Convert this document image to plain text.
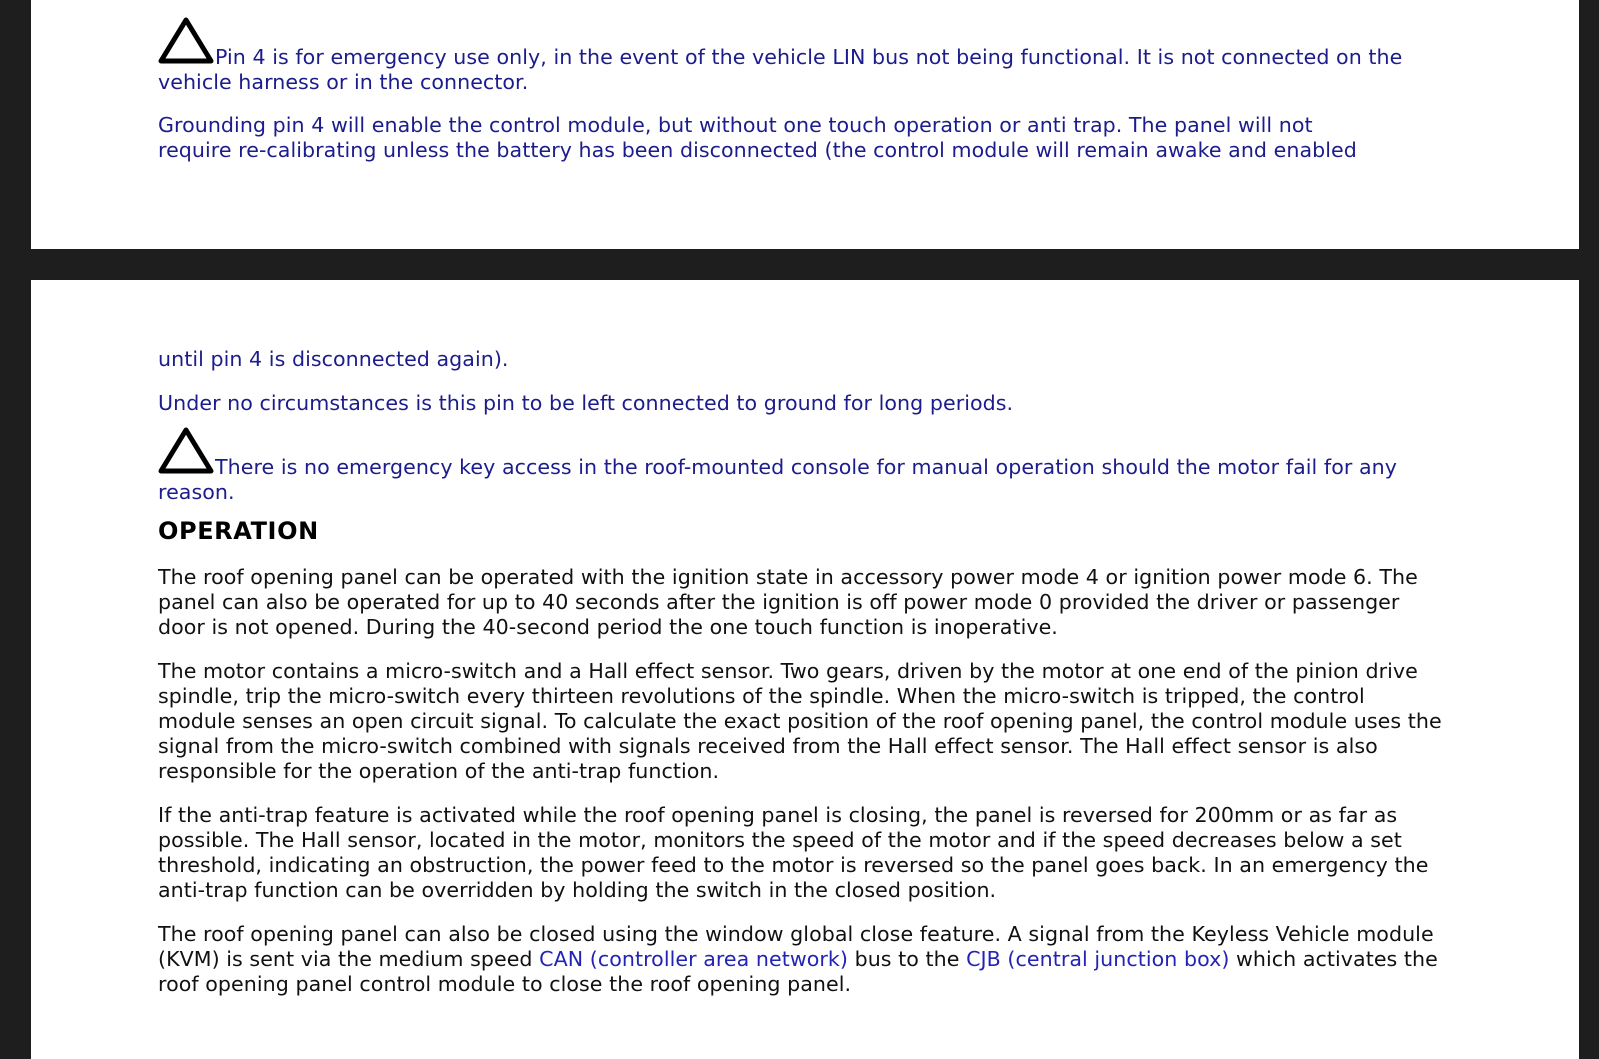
Pin 4 is for emergency use only, in the event of the vehicle LIN bus not being functional. It is not connected on the vehicle harness or in the connector.

Grounding pin 4 will enable the control module, but without one touch operation or anti trap. The panel will not
require re-calibrating unless the battery has been disconnected (the control module will remain awake and enabled

until pin 4 is disconnected again).

Under no circumstances is this pin to be left connected to ground for long periods.

There is no emergency key access in the roof-mounted console for manual operation should the motor fail for any reason.

OPERATION

The roof opening panel can be operated with the ignition state in accessory power mode 4 or ignition power mode 6. The panel can also be operated for up to 40 seconds after the ignition is off power mode 0 provided the driver or passenger door is not opened. During the 40-second period the one touch function is inoperative.

The motor contains a micro-switch and a Hall effect sensor. Two gears, driven by the motor at one end of the pinion drive spindle, trip the micro-switch every thirteen revolutions of the spindle. When the micro-switch is tripped, the control module senses an open circuit signal. To calculate the exact position of the roof opening panel, the control module uses the signal from the micro-switch combined with signals received from the Hall effect sensor. The Hall effect sensor is also responsible for the operation of the anti-trap function.

If the anti-trap feature is activated while the roof opening panel is closing, the panel is reversed for 200mm or as far as possible. The Hall sensor, located in the motor, monitors the speed of the motor and if the speed decreases below a set threshold, indicating an obstruction, the power feed to the motor is reversed so the panel goes back. In an emergency the anti-trap function can be overridden by holding the switch in the closed position.

The roof opening panel can also be closed using the window global close feature. A signal from the Keyless Vehicle module (KVM) is sent via the medium speed CAN (controller area network) bus to the CJB (central junction box) which activates the roof opening panel control module to close the roof opening panel.
